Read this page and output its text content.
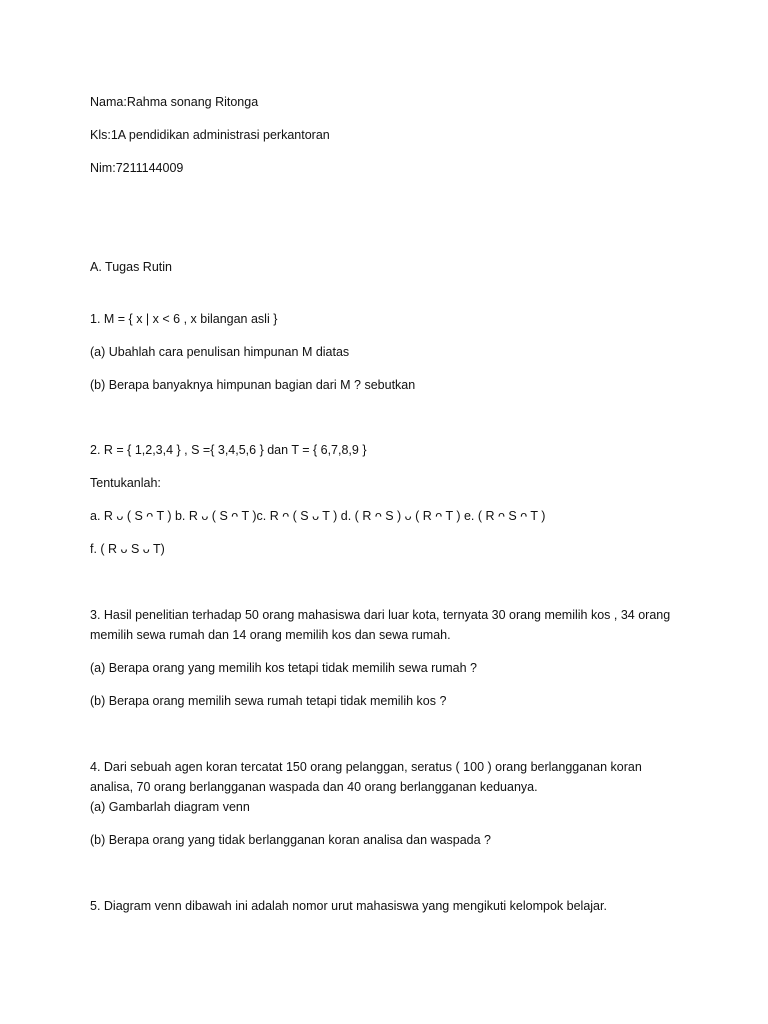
Nama:Rahma sonang Ritonga
Kls:1A pendidikan administrasi perkantoran
Nim:7211144009
A. Tugas Rutin
1. M = { x | x < 6 , x bilangan asli }
(a) Ubahlah cara penulisan himpunan M diatas
(b) Berapa banyaknya himpunan bagian dari M ? sebutkan
2. R = { 1,2,3,4 } , S ={ 3,4,5,6 } dan T = { 6,7,8,9 }
Tentukanlah:
a. R ᴗ ( S ᴖ T ) b. R ᴗ ( S ᴖ T )c. R ᴖ ( S ᴗ T ) d. ( R ᴖ S ) ᴗ ( R ᴖ T ) e. ( R ᴖ S ᴖ T )
f. ( R ᴗ S ᴗ T)
3. Hasil penelitian terhadap 50 orang mahasiswa dari luar kota, ternyata 30 orang memilih kos , 34 orang
memilih sewa rumah dan 14 orang memilih kos dan sewa rumah.
(a) Berapa orang yang memilih kos tetapi tidak memilih sewa rumah ?
(b) Berapa orang memilih sewa rumah tetapi tidak memilih kos ?
4. Dari sebuah agen koran tercatat 150 orang pelanggan, seratus ( 100 ) orang berlangganan koran
analisa, 70 orang berlangganan waspada dan 40 orang berlangganan keduanya.
(a) Gambarlah diagram venn
(b) Berapa orang yang tidak berlangganan koran analisa dan waspada ?
5. Diagram venn dibawah ini adalah nomor urut mahasiswa yang mengikuti kelompok belajar.
